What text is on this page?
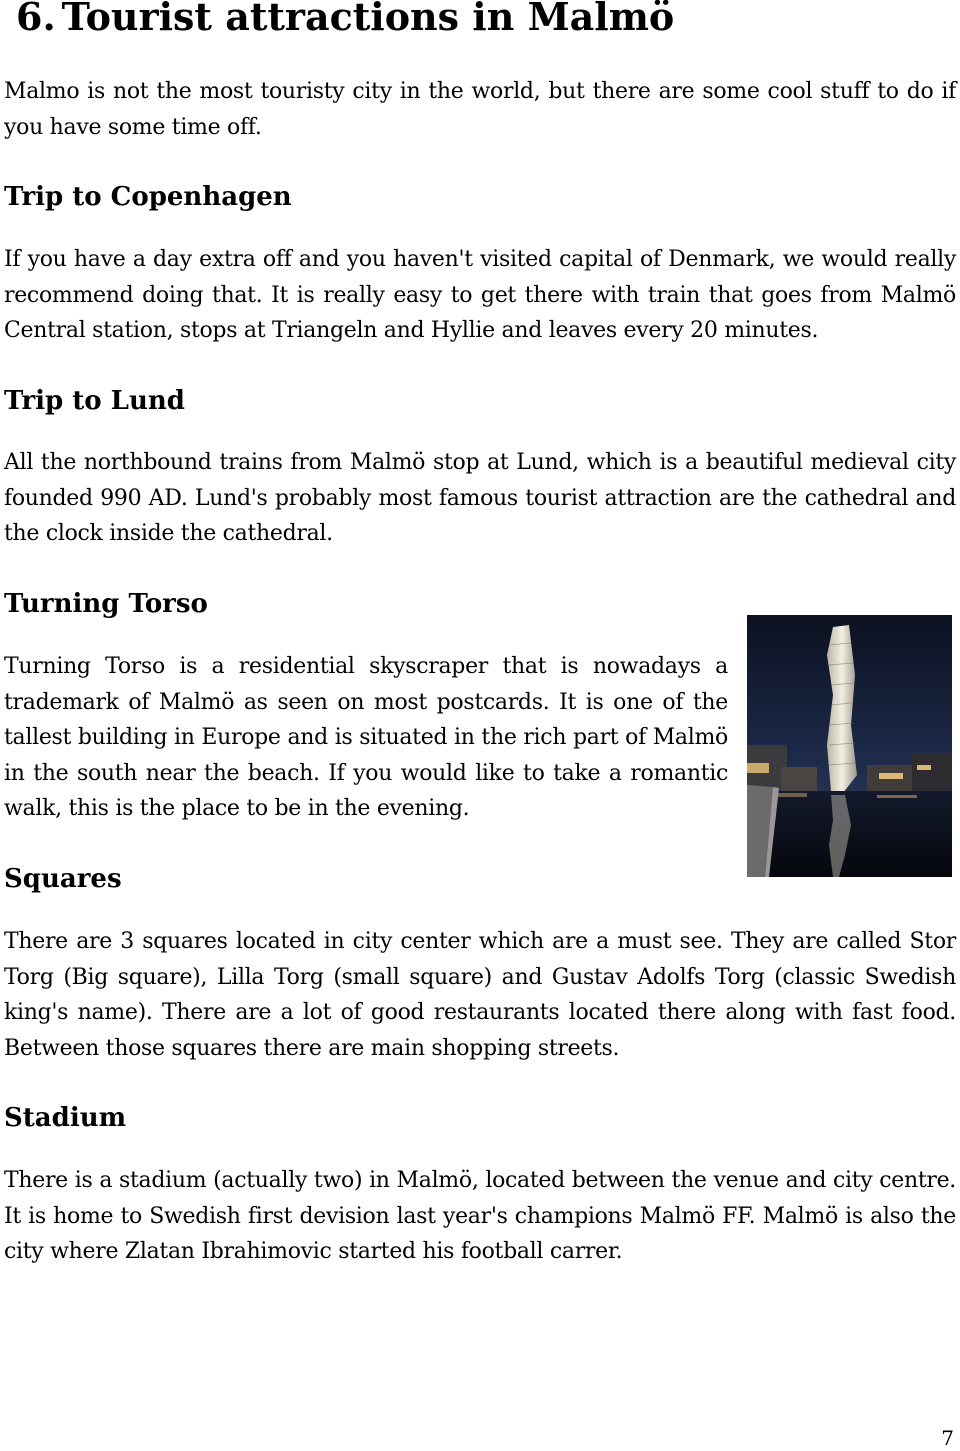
6. Tourist attractions in Malmö

Malmo is not the most touristy city in the world, but there are some cool stuff to do if you have some time off.

Trip to Copenhagen

If you have a day extra off and you haven't visited capital of Denmark, we would really recommend doing that. It is really easy to get there with train that goes from Malmö Central station, stops at Triangeln and Hyllie and leaves every 20 minutes.

Trip to Lund

All the northbound trains from Malmö stop at Lund, which is a beautiful medieval city founded 990 AD. Lund's probably most famous tourist attraction are the cathedral and the clock inside the cathedral.

Turning Torso

Turning Torso is a residential skyscraper that is nowadays a trademark of Malmö as seen on most postcards. It is one of the tallest building in Europe and is situated in the rich part of Malmö in the south near the beach. If you would like to take a romantic walk, this is the place to be in the evening.

Squares

There are 3 squares located in city center which are a must see. They are called Stor Torg (Big square), Lilla Torg (small square) and Gustav Adolfs Torg (classic Swedish king's name). There are a lot of good restaurants located there along with fast food. Between those squares there are main shopping streets.

Stadium

There is a stadium (actually two) in Malmö, located between the venue and city centre. It is home to Swedish first devision last year's champions Malmö FF. Malmö is also the city where Zlatan Ibrahimovic started his football carrer.

7
